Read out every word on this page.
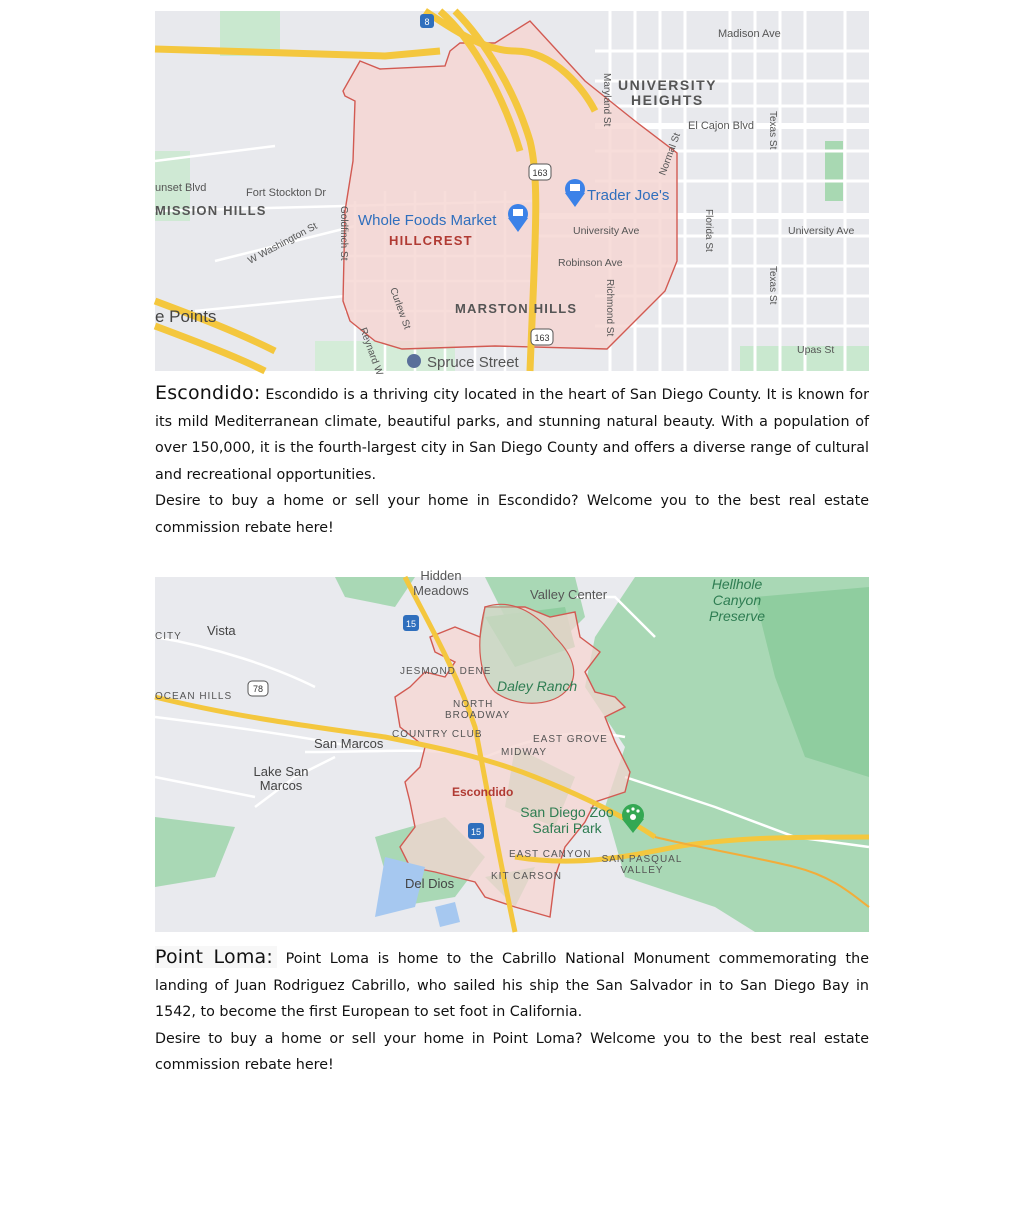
8
163
163
Madison Ave
UNIVERSITY
HEIGHTS
Maryland St	El Cajon Blvd Texas St
Normal St
Trader Joe's
unset Blvd	Fort Stockton Dr
MISSION HILLS
Whole Foods Market
HILLCREST
W Washington St Goldfinch St	University Ave	University Ave
Florida St
Robinson Ave
Texas St
e Points	Curlew St	MARSTON HILLS	Richmond St
Reynard W	Spruce Street
Upas St

Escondido: Escondido is a thriving city located in the heart of San Diego County. It is known for its mild Mediterranean climate, beautiful parks, and stunning natural beauty. With a population of over 150,000, it is the fourth-largest city in San Diego County and offers a diverse range of cultural and recreational opportunities.

Desire to buy a home or sell your home in Escondido? Welcome you to the best real estate commission rebate here!

15
15
78
Hidden
Meadows	Valley Center
Hellhole
Canyon
Preserve
CITY Vista
JESMOND DENE
Daley Ranch
OCEAN HILLS
NORTH
BROADWAY
COUNTRY CLUB	EAST GROVE
San Marcos
MIDWAY
Lake San
Marcos	Escondido
San Diego Zoo
Safari Park
EAST CANYON SAN PASQUAL
VALLEY
KIT CARSON
Del Dios

Point Loma: Point Loma is home to the Cabrillo National Monument commemorating the landing of Juan Rodriguez Cabrillo, who sailed his ship the San Salvador in to San Diego Bay in 1542, to become the first European to set foot in California.

Desire to buy a home or sell your home in Point Loma? Welcome you to the best real estate commission rebate here!
